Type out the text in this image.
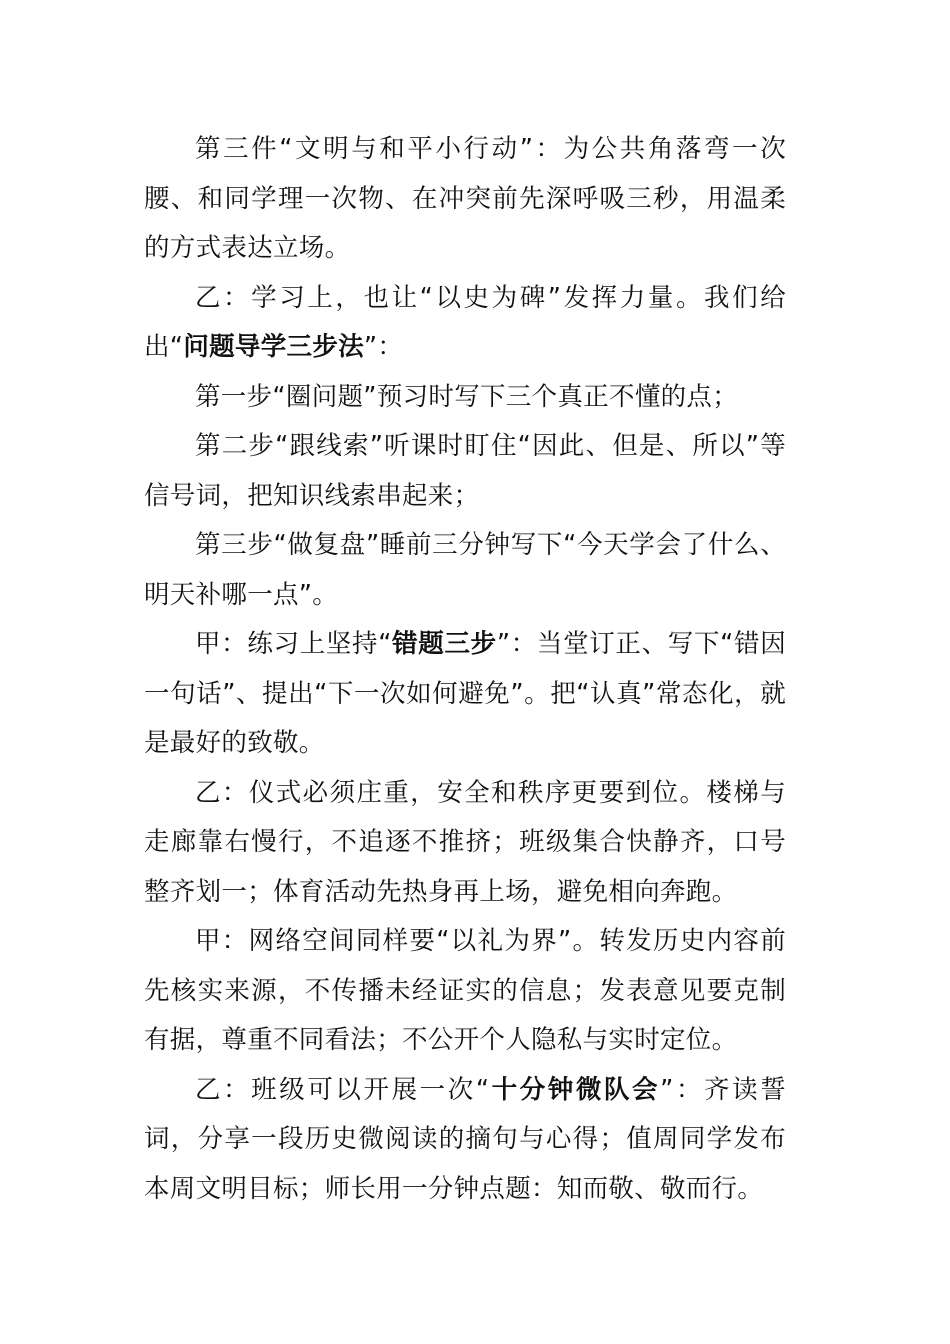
第三件“文明与和平小行动”：为公共角落弯一次腰、和同学理一次物、在冲突前先深呼吸三秒，用温柔的方式表达立场。

乙：学习上，也让“以史为碑”发挥力量。我们给出“问题导学三步法”：

第一步“圈问题”预习时写下三个真正不懂的点；

第二步“跟线索”听课时盯住“因此、但是、所以”等信号词，把知识线索串起来；

第三步“做复盘”睡前三分钟写下“今天学会了什么、明天补哪一点”。

甲：练习上坚持“错题三步”：当堂订正、写下“错因一句话”、提出“下一次如何避免”。把“认真”常态化，就是最好的致敬。

乙：仪式必须庄重，安全和秩序更要到位。楼梯与走廊靠右慢行，不追逐不推挤；班级集合快静齐，口号整齐划一；体育活动先热身再上场，避免相向奔跑。

甲：网络空间同样要“以礼为界”。转发历史内容前先核实来源，不传播未经证实的信息；发表意见要克制有据，尊重不同看法；不公开个人隐私与实时定位。

乙：班级可以开展一次“十分钟微队会”：齐读誓词，分享一段历史微阅读的摘句与心得；值周同学发布本周文明目标；师长用一分钟点题：知而敬、敬而行。
